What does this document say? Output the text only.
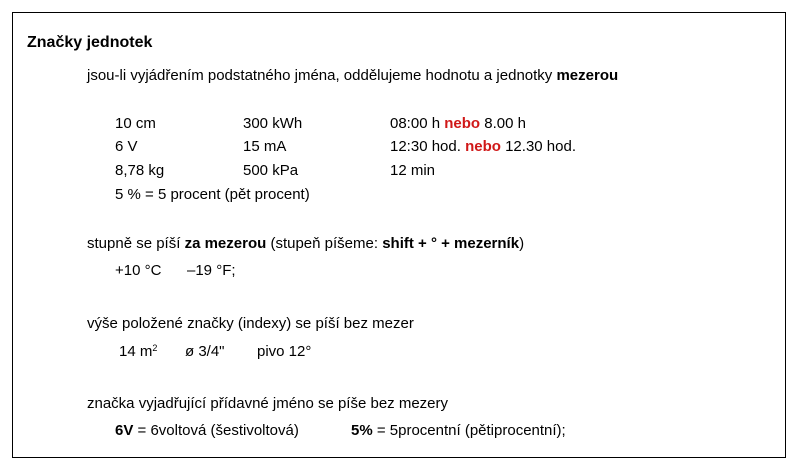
Značky jednotek
jsou-li vyjádřením podstatného jména, oddělujeme hodnotu a jednotky mezerou
10 cm	300 kWh	08:00 h nebo 8.00 h
6 V	15 mA	12:30 hod. nebo 12.30 hod.
8,78 kg	500 kPa	12 min
5 % = 5 procent (pět procent)
stupně se píší za mezerou (stupeň píšeme: shift + ° + mezerník)
+10 °C –19 °F;
výše položené značky (indexy) se píší bez mezer
14 $m^2$ ø 3/4" pivo 12°
značka vyjadřující přídavné jméno se píše bez mezery
6V = 6voltová (šestivoltová)	5% = 5procentní (pětiprocentní);
